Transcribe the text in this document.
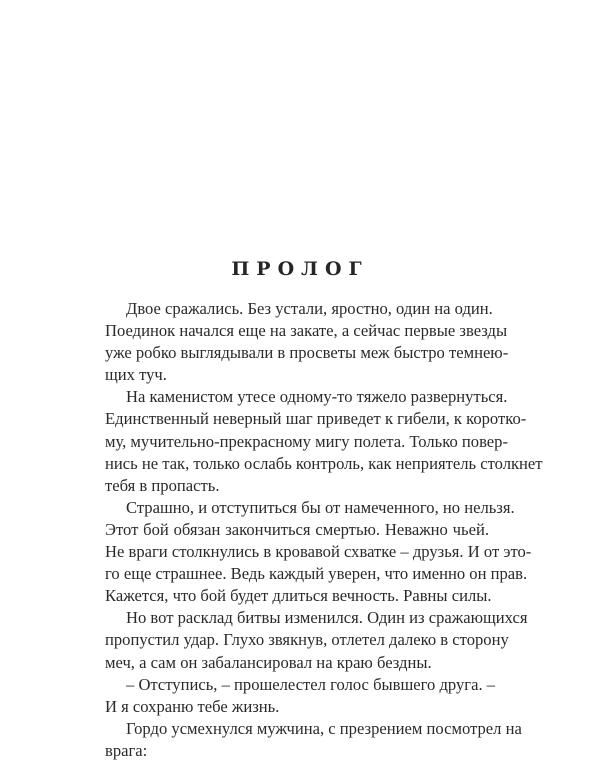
ПРОЛОГ

Двое сражались. Без устали, яростно, один на один.
Поединок начался еще на закате, а сейчас первые звезды
уже робко выглядывали в просветы меж быстро темнею-
щих туч.

На каменистом утесе одному-то тяжело развернуться.
Единственный неверный шаг приведет к гибели, к коротко-
му, мучительно-прекрасному мигу полета. Только повер-
нись не так, только ослабь контроль, как неприятель столкнет
тебя в пропасть.

Страшно, и отступиться бы от намеченного, но нельзя.
Этот бой обязан закончиться смертью. Неважно чьей.
Не враги столкнулись в кровавой схватке – друзья. И от это-
го еще страшнее. Ведь каждый уверен, что именно он прав.
Кажется, что бой будет длиться вечность. Равны силы.

Но вот расклад битвы изменился. Один из сражающихся
пропустил удар. Глухо звякнув, отлетел далеко в сторону
меч, а сам он забалансировал на краю бездны.

– Отступись, – прошелестел голос бывшего друга. –
И я сохраню тебе жизнь.

Гордо усмехнулся мужчина, с презрением посмотрел на
врага:
